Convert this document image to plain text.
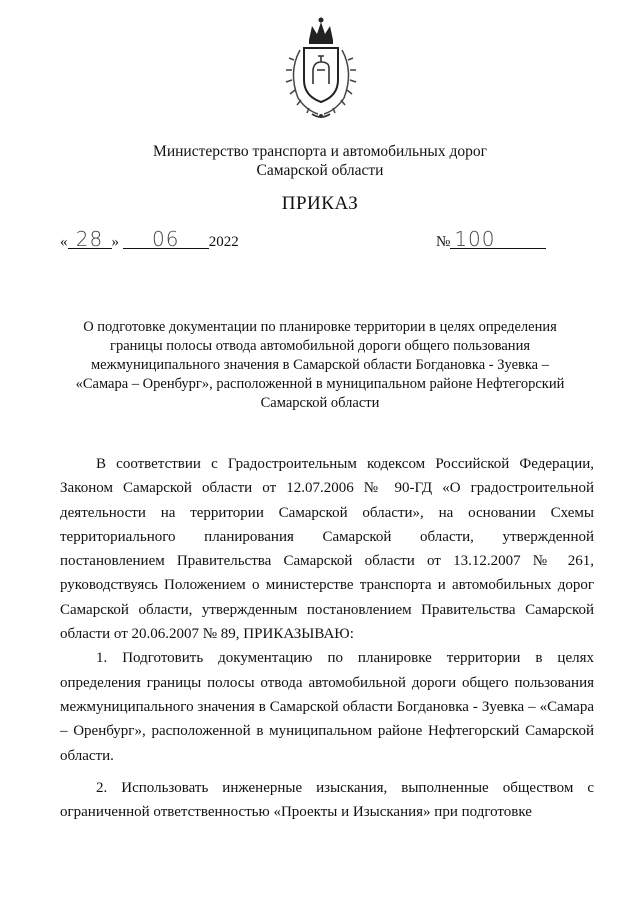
Министерство транспорта и автомобильных дорог
Самарской области
ПРИКАЗ
« 28 » 06 2022	№ 100
О подготовке документации по планировке территории в целях определения границы полосы отвода автомобильной дороги общего пользования межмуниципального значения в Самарской области Богдановка - Зуевка – «Самара – Оренбург», расположенной в муниципальном районе Нефтегорский Самарской области

В соответствии с Градостроительным кодексом Российской Федерации, Законом Самарской области от 12.07.2006 № 90-ГД «О градостроительной деятельности на территории Самарской области», на основании Схемы территориального планирования Самарской области, утвержденной постановлением Правительства Самарской области от 13.12.2007 № 261, руководствуясь Положением о министерстве транспорта и автомобильных дорог Самарской области, утвержденным постановлением Правительства Самарской области от 20.06.2007 № 89, ПРИКАЗЫВАЮ:

1. Подготовить документацию по планировке территории в целях определения границы полосы отвода автомобильной дороги общего пользования межмуниципального значения в Самарской области Богдановка - Зуевка – «Самара – Оренбург», расположенной в муниципальном районе Нефтегорский Самарской области.

2. Использовать инженерные изыскания, выполненные обществом с ограниченной ответственностью «Проекты и Изыскания» при подготовке
